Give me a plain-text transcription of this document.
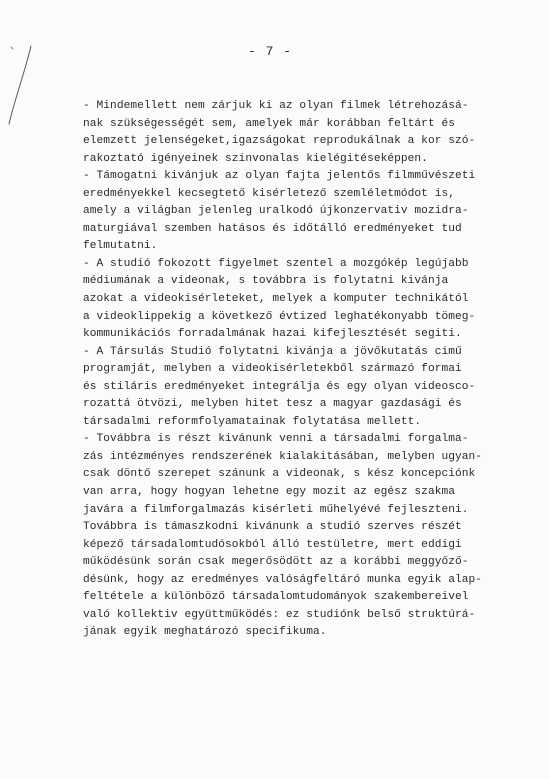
- 7 -
- Mindemellett nem zárjuk ki az olyan filmek létrehozásá-
nak szükségességét sem, amelyek már korábban feltárt és
elemzett jelenségeket,igazságokat reprodukálnak a kor szó-
rakoztató igényeinek szinvonalas kielégitéseképpen.
- Támogatni kivánjuk az olyan fajta jelentős filmművészeti
eredményekkel kecsegtető kisérletező szemléletmódot is,
amely a világban jelenleg uralkodó újkonzervativ mozidra-
maturgiával szemben hatásos és időtálló eredményeket tud
felmutatni.
- A studió fokozott figyelmet szentel a mozgókép legújabb
médiumának a videonak, s továbbra is folytatni kivánja
azokat a videokisérleteket, melyek a komputer technikától
a videoklippekig a következő évtized leghatékonyabb tömeg-
kommunikációs forradalmának hazai kifejlesztését segiti.
- A Társulás Studió folytatni kivánja a jövőkutatás cimű
programját, melyben a videokisérletekből származó formai
és stiláris eredményeket integrálja és egy olyan videosco-
rozattá ötvözi, melyben hitet tesz a magyar gazdasági és
társadalmi reformfolyamatainak folytatása mellett.
- Továbbra is részt kivánunk venni a társadalmi forgalma-
zás intézményes rendszerének kialakitásában, melyben ugyan-
csak döntő szerepet szánunk a videonak, s kész koncepciónk
van arra, hogy hogyan lehetne egy mozit az egész szakma
javára a filmforgalmazás kisérleti műhelyévé fejleszteni.
Továbbra is támaszkodni kivánunk a studió szerves részét
képező társadalomtudósokból álló testületre, mert eddigi
működésünk során csak megerősödött az a korábbi meggyőző-
désünk, hogy az eredményes valóságfeltáró munka egyik alap-
feltétele a különböző társadalomtudományok szakembereivel
való kollektiv együttműködés: ez studiónk belső struktúrá-
jának egyik meghatározó specifikuma.
